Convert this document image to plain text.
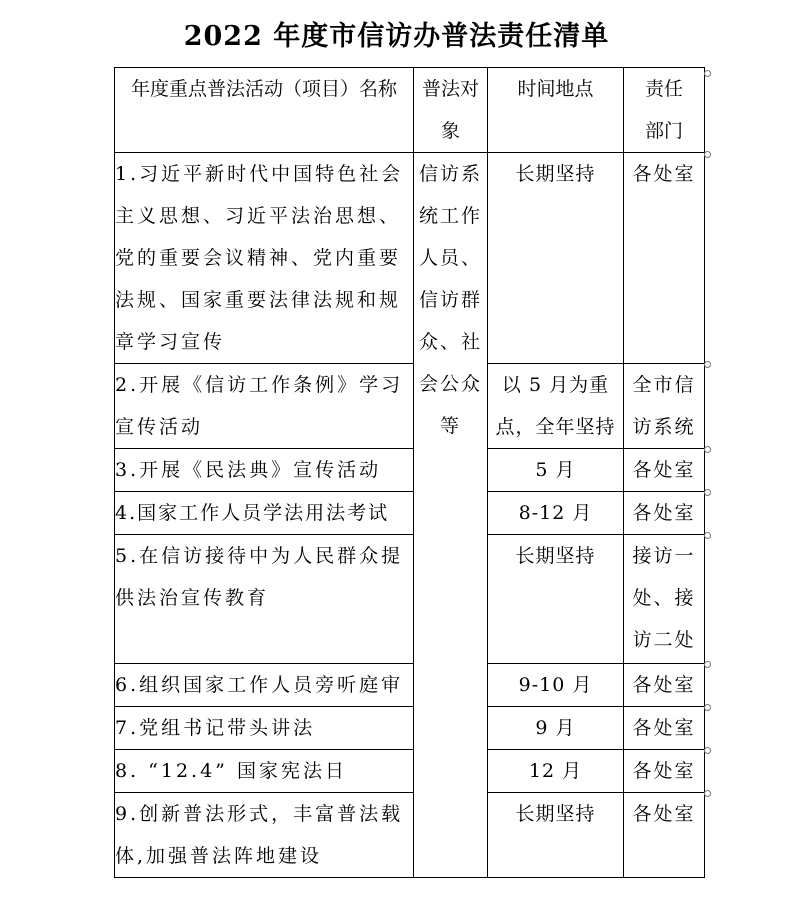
2022 年度市信访办普法责任清单
年度重点普法活动（项目）名称	普法对象	时间地点	责任部门
1.习近平新时代中国特色社会主义思想、习近平法治思想、党的重要会议精神、党内重要法规、国家重要法律法规和规章学习宣传	信访系统工作人员、信访群众、社会公众等	长期坚持	各处室
2.开展《信访工作条例》学习宣传活动		以 5 月为重点，全年坚持	全市信访系统
3.开展《民法典》宣传活动		5 月	各处室
4.国家工作人员学法用法考试		8-12 月	各处室
5.在信访接待中为人民群众提供法治宣传教育		长期坚持	接访一处、接访二处
6.组织国家工作人员旁听庭审		9-10 月	各处室
7.党组书记带头讲法		9 月	各处室
8. “12.4” 国家宪法日		12 月	各处室
9.创新普法形式，丰富普法载体,加强普法阵地建设		长期坚持	各处室
